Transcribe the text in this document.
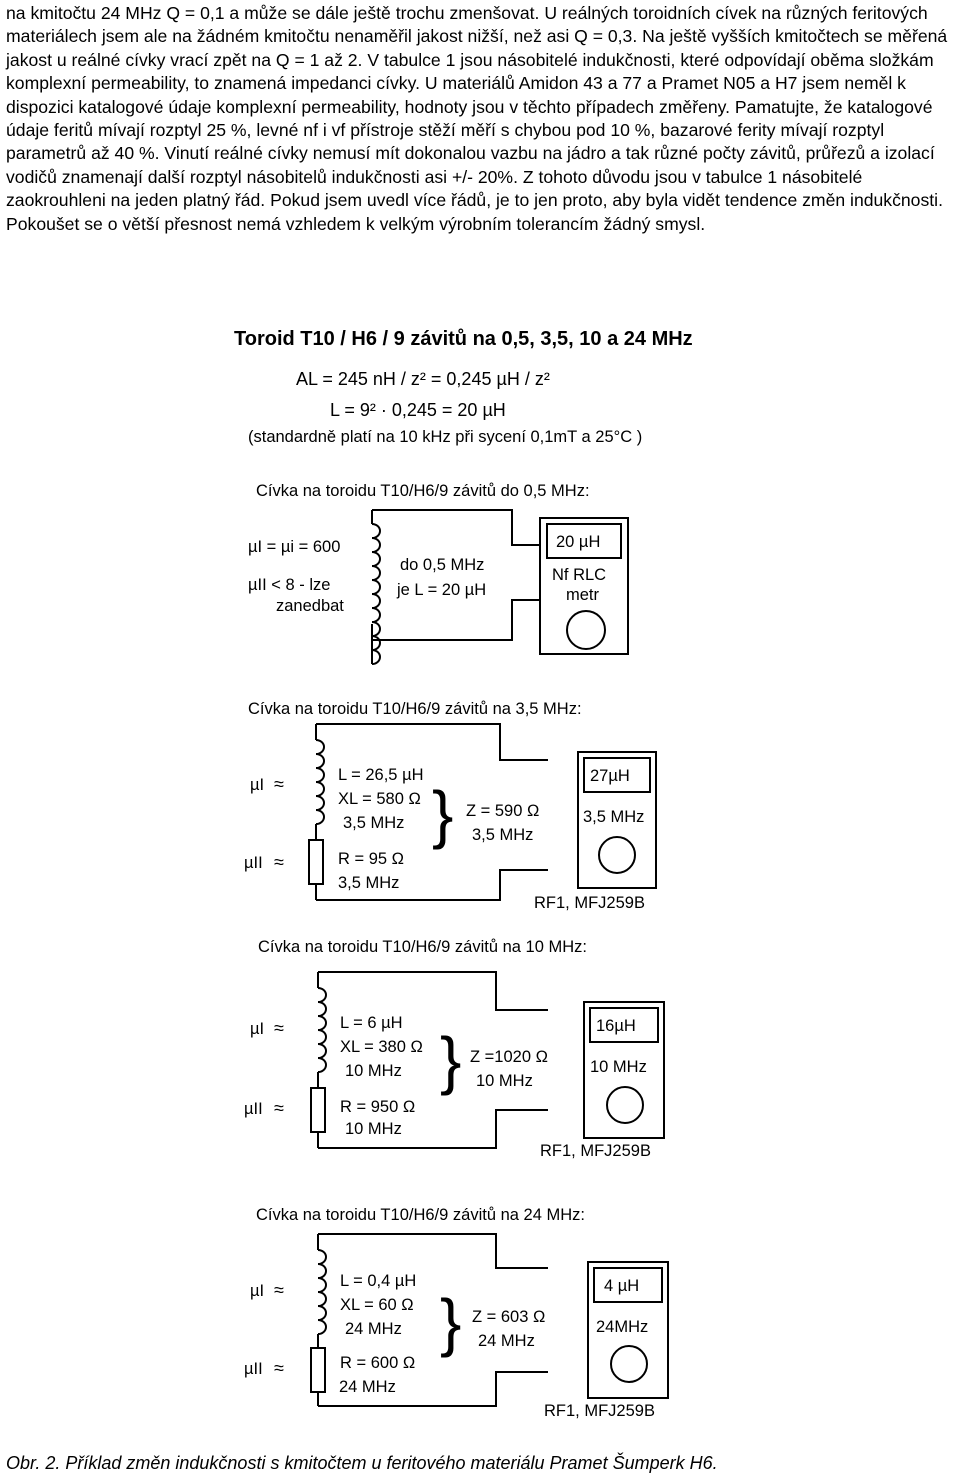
na kmitočtu 24 MHz Q = 0,1 a může se dále ještě trochu zmenšovat. U reálných toroidních cívek na různých feritových materiálech jsem ale na žádném kmitočtu nenaměřil jakost nižší, než asi Q = 0,3. Na ještě vyšších kmitočtech se měřená jakost u reálné cívky vrací zpět na Q = 1 až 2. V tabulce 1 jsou násobitelé indukčnosti, které odpovídají oběma složkám komplexní permeability, to znamená impedanci cívky. U materiálů Amidon 43 a 77 a Pramet N05 a H7 jsem neměl k dispozici katalogové údaje komplexní permeability, hodnoty jsou v těchto případech změřeny. Pamatujte, že katalogové údaje feritů mívají rozptyl 25 %, levné nf i vf přístroje stěží měří s chybou pod 10 %, bazarové ferity mívají rozptyl parametrů až 40 %. Vinutí reálné cívky nemusí mít dokonalou vazbu na jádro a tak různé počty závitů, průřezů a izolací vodičů znamenají další rozptyl násobitelů indukčnosti asi +/- 20%. Z tohoto důvodu jsou v tabulce 1 násobitelé zaokrouhleni na jeden platný řád. Pokud jsem uvedl více řádů, je to jen proto, aby byla vidět tendence změn indukčnosti. Pokoušet se o větší přesnost nemá vzhledem k velkým výrobním tolerancím žádný smysl.

Toroid T10 / H6 / 9 závitů na 0,5, 3,5, 10 a 24 MHz
AL = 245 nH / z² = 0,245 µH / z²
L = 9² · 0,245 = 20 µH
(standardně platí na 10 kHz při sycení 0,1mT a 25°C )
Cívka na toroidu T10/H6/9 závitů do 0,5 MHz:
µI = µi = 600
µII < 8 - lze
zanedbat
do 0,5 MHz
je L = 20 µH
20 µH
Nf RLC
metr
Cívka na toroidu T10/H6/9 závitů na 3,5 MHz:
µI ≈
µII ≈
L = 26,5 µH
XL = 580 Ω
3,5 MHz
R = 95 Ω
3,5 MHz
} Z = 590 Ω
3,5 MHz
27µH
3,5 MHz
RF1, MFJ259B
Cívka na toroidu T10/H6/9 závitů na 10 MHz:
µI ≈
µII ≈
L = 6 µH
XL = 380 Ω
10 MHz
R = 950 Ω
10 MHz
} Z =1020 Ω
10 MHz
16µH
10 MHz
RF1, MFJ259B
Cívka na toroidu T10/H6/9 závitů na 24 MHz:
µI ≈
µII ≈
L = 0,4 µH
XL = 60 Ω
24 MHz
R = 600 Ω
24 MHz
} Z = 603 Ω
24 MHz
4 µH
24MHz
RF1, MFJ259B

Obr. 2. Příklad změn indukčnosti s kmitočtem u feritového materiálu Pramet Šumperk H6.
